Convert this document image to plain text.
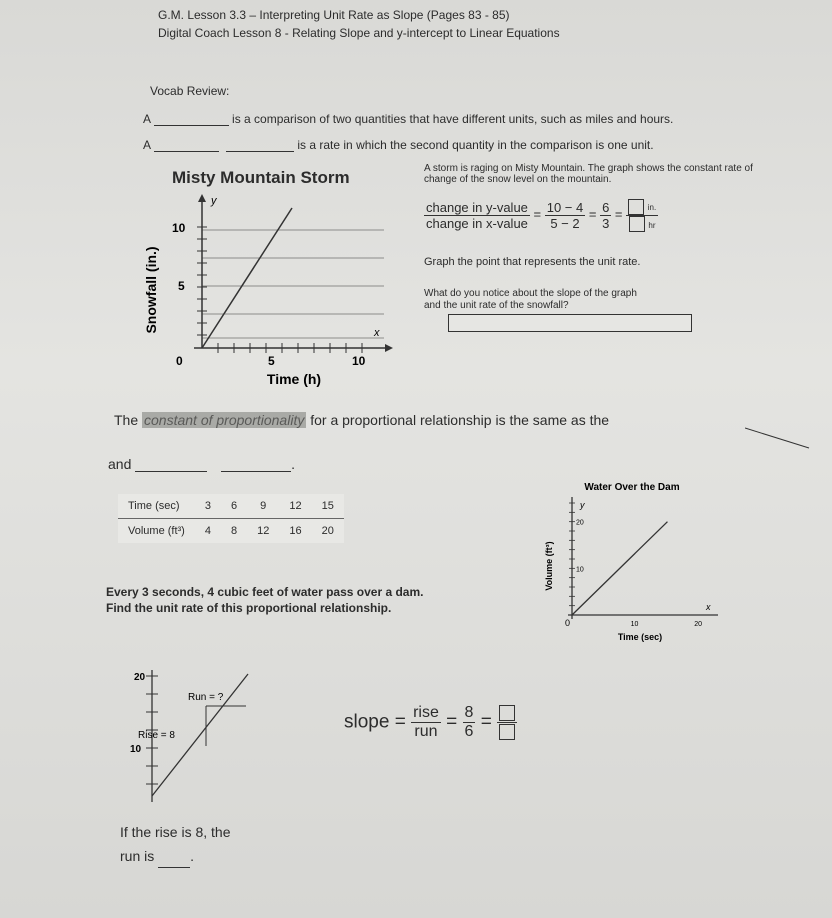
G.M. Lesson 3.3 – Interpreting Unit Rate as Slope (Pages 83 - 85)
Digital Coach Lesson 8 - Relating Slope and y-intercept to Linear Equations
Vocab Review:
A	is a comparison of two quantities that have different units, such as miles and hours.
A	is a rate in which the second quantity in the comparison is one unit.
Misty Mountain Storm	A storm is raging on Misty Mountain. The graph shows the constant rate of change of the snow level on the mountain.
$\frac{\text{change in y-value}}{\text{change in x-value}} = \frac{10 - 4}{5 - 2} = \frac{6}{3} = \frac{in.}{hr}$
Graph the point that represents the unit rate.
What do you notice about the slope of the graph
and the unit rate of the snowfall?
y
x
10
5
0	5	10
Time (h)
Snowfall (in.)
The constant of proportionality for a proportional relationship is the same as the
and	.
Time (sec)	3	6	9	12	15
Volume (ft³)	4	8	12	16	20
Every 3 seconds, 4 cubic feet of water pass over a dam.
Find the unit rate of this proportional relationship.
Water Over the Dam
y
x
0
Volume (ft³)
Time (sec)
10
20
10	20
20
10
Run = ?
Rise = 8
slope = $\frac{\text{rise}}{\text{run}} = \frac{8}{6}$ =
If the rise is 8, the
run is	.
